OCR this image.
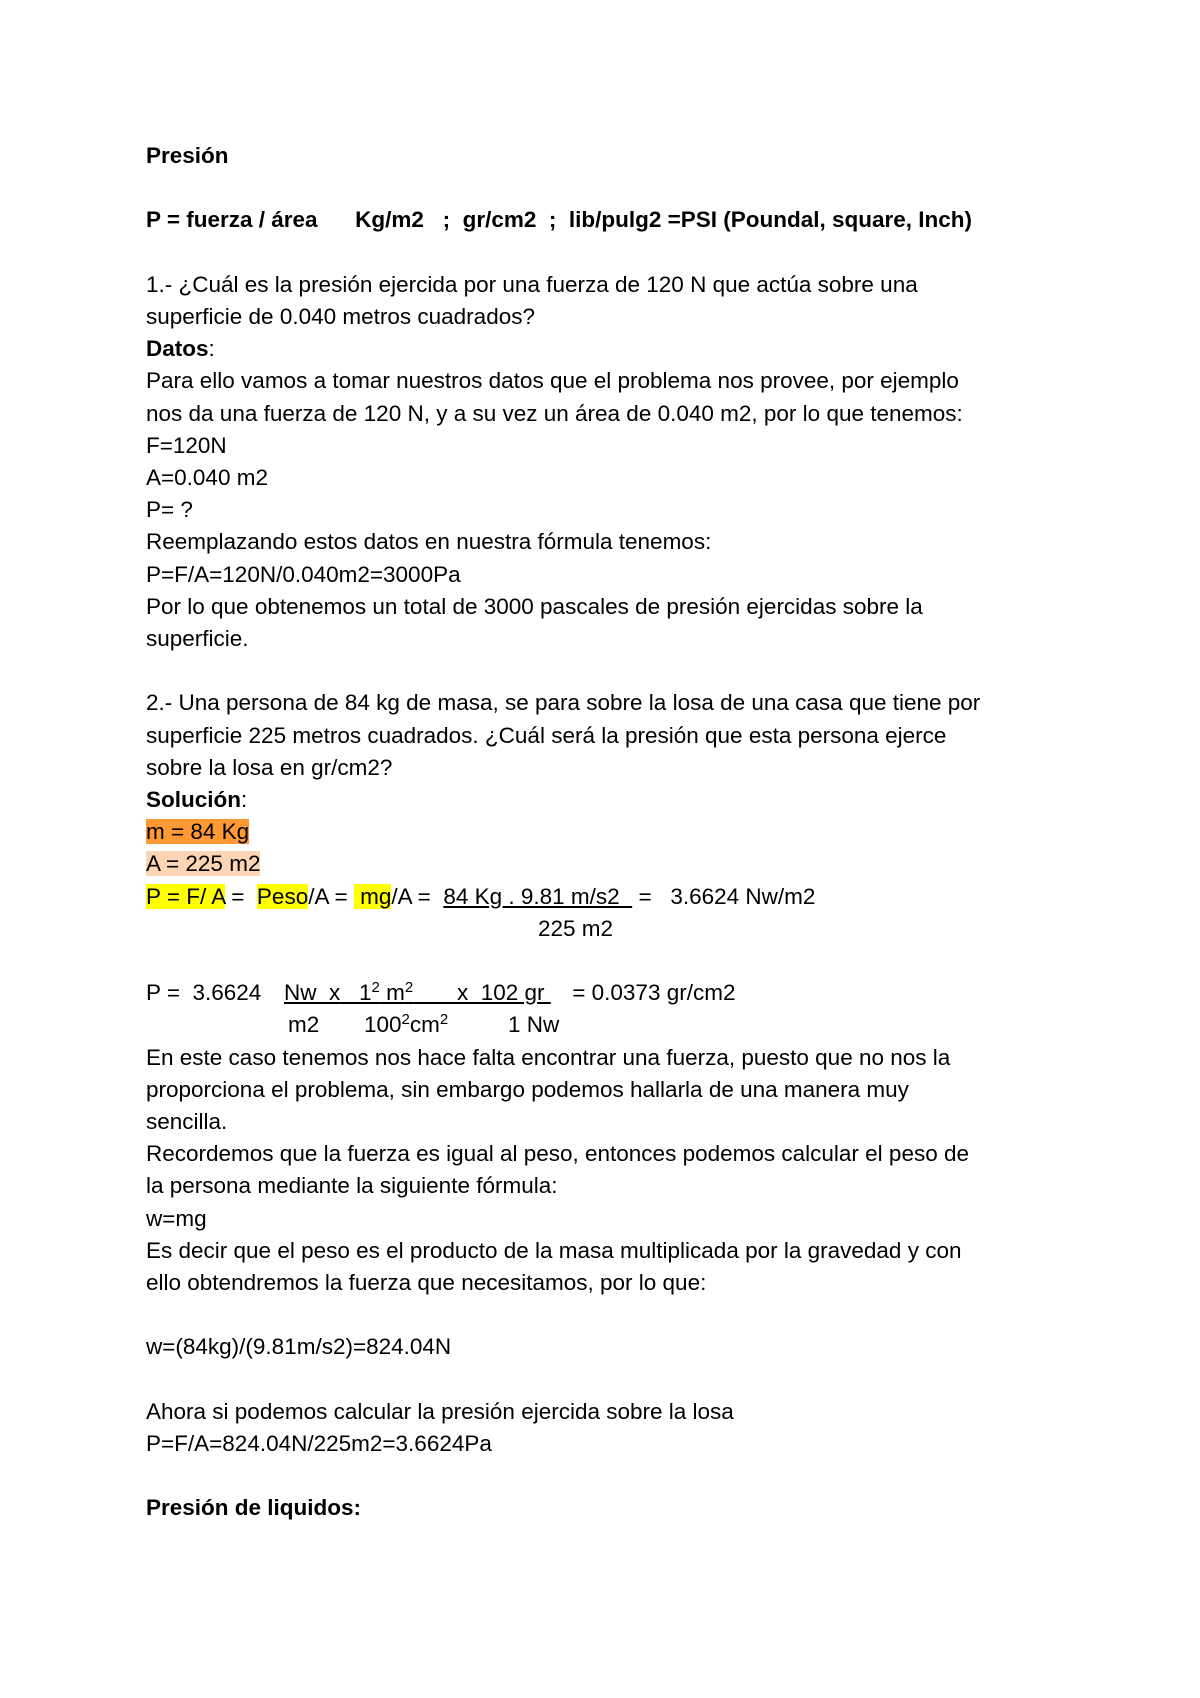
Presión
P = fuerza / área Kg/m2   ;  gr/cm2  ;  lib/pulg2 =PSI (Poundal, square, Inch)
1.- ¿Cuál es la presión ejercida por una fuerza de 120 N que actúa sobre una
superficie de 0.040 metros cuadrados?
Datos:
Para ello vamos a tomar nuestros datos que el problema nos provee, por ejemplo
nos da una fuerza de 120 N, y a su vez un área de 0.040 m2, por lo que tenemos:
F=120N
A=0.040 m2
P= ?
Reemplazando estos datos en nuestra fórmula tenemos:
P=F/A=120N/0.040m2=3000Pa
Por lo que obtenemos un total de 3000 pascales de presión ejercidas sobre la
superficie.
2.- Una persona de 84 kg de masa, se para sobre la losa de una casa que tiene por
superficie 225 metros cuadrados. ¿Cuál será la presión que esta persona ejerce
sobre la losa en gr/cm2?
Solución:
m = 84 Kg
A = 225 m2
P = F/ A =  Peso/A =  mg/A =  84 Kg . 9.81 m/s2   =   3.6624 Nw/m2

225 m2

P =  3.6624

Nw  x   $1^2$ $m^2$       x  102 gr

= 0.0373 gr/cm2

m2

$100^2cm^2$

	1 Nw

En este caso tenemos nos hace falta encontrar una fuerza, puesto que no nos la
proporciona el problema, sin embargo podemos hallarla de una manera muy
sencilla.
Recordemos que la fuerza es igual al peso, entonces podemos calcular el peso de
la persona mediante la siguiente fórmula:
w=mg
Es decir que el peso es el producto de la masa multiplicada por la gravedad y con
ello obtendremos la fuerza que necesitamos, por lo que:
w=(84kg)/(9.81m/s2)=824.04N
Ahora si podemos calcular la presión ejercida sobre la losa
P=F/A=824.04N/225m2=3.6624Pa
Presión de liquidos:
